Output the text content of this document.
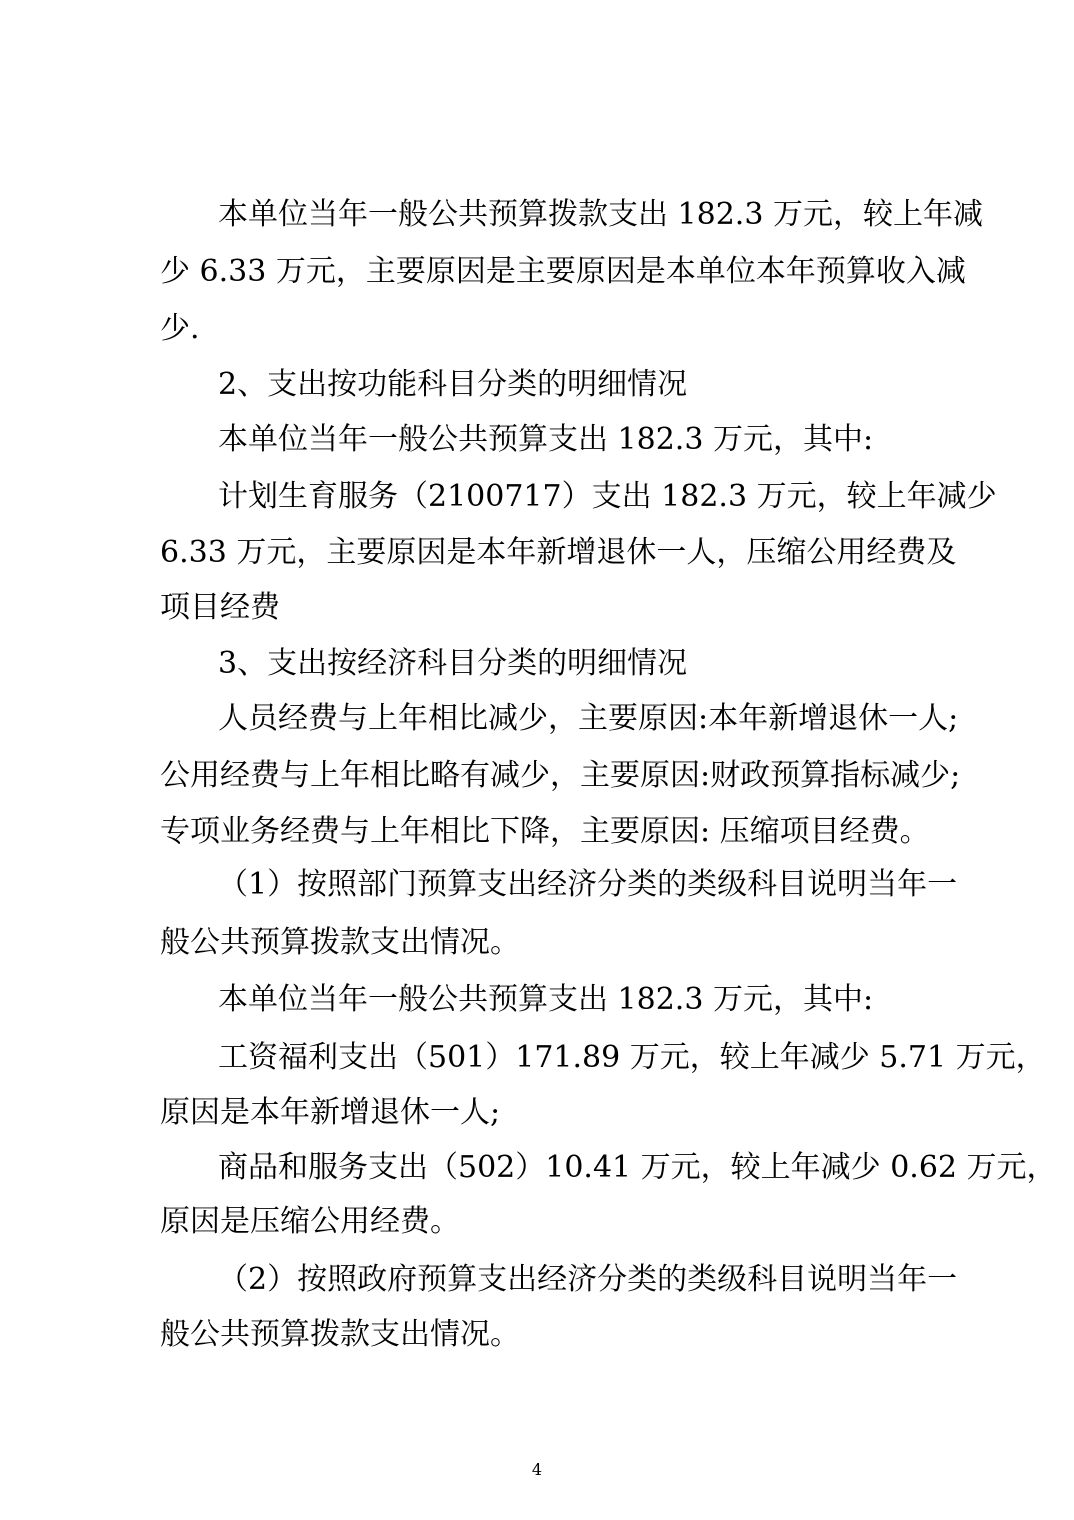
本单位当年一般公共预算拨款支出 182.3 万元，较上年减
少 6.33 万元，主要原因是主要原因是本单位本年预算收入减
少.
2、支出按功能科目分类的明细情况
本单位当年一般公共预算支出 182.3 万元，其中:
计划生育服务（2100717）支出 182.3 万元，较上年减少
6.33 万元，主要原因是本年新增退休一人，压缩公用经费及
项目经费
3、支出按经济科目分类的明细情况
人员经费与上年相比减少，主要原因:本年新增退休一人;
公用经费与上年相比略有减少，主要原因:财政预算指标减少;
专项业务经费与上年相比下降，主要原因: 压缩项目经费。
（1）按照部门预算支出经济分类的类级科目说明当年一
般公共预算拨款支出情况。
本单位当年一般公共预算支出 182.3 万元，其中:
工资福利支出（501）171.89 万元，较上年减少 5.71 万元，
原因是本年新增退休一人;
商品和服务支出（502）10.41 万元，较上年减少 0.62 万元，
原因是压缩公用经费。
（2）按照政府预算支出经济分类的类级科目说明当年一
般公共预算拨款支出情况。
4
